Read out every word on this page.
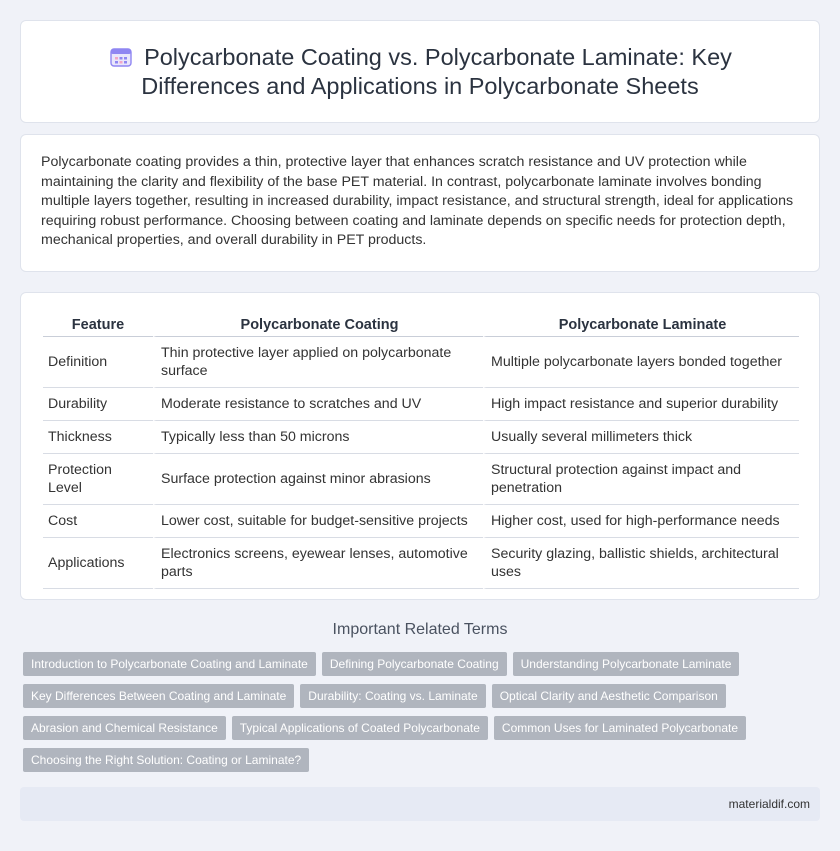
Polycarbonate Coating vs. Polycarbonate Laminate: Key Differences and Applications in Polycarbonate Sheets

Polycarbonate coating provides a thin, protective layer that enhances scratch resistance and UV protection while maintaining the clarity and flexibility of the base PET material. In contrast, polycarbonate laminate involves bonding multiple layers together, resulting in increased durability, impact resistance, and structural strength, ideal for applications requiring robust performance. Choosing between coating and laminate depends on specific needs for protection depth, mechanical properties, and overall durability in PET products.

Feature	Polycarbonate Coating	Polycarbonate Laminate
Definition	Thin protective layer applied on polycarbonate surface	Multiple polycarbonate layers bonded together
Durability	Moderate resistance to scratches and UV	High impact resistance and superior durability
Thickness	Typically less than 50 microns	Usually several millimeters thick
Protection Level	Surface protection against minor abrasions	Structural protection against impact and penetration
Cost	Lower cost, suitable for budget-sensitive projects	Higher cost, used for high-performance needs
Applications	Electronics screens, eyewear lenses, automotive parts	Security glazing, ballistic shields, architectural uses
Important Related Terms
Introduction to Polycarbonate Coating and Laminate	Defining Polycarbonate Coating	Understanding Polycarbonate Laminate
Key Differences Between Coating and Laminate	Durability: Coating vs. Laminate	Optical Clarity and Aesthetic Comparison
Abrasion and Chemical Resistance	Typical Applications of Coated Polycarbonate	Common Uses for Laminated Polycarbonate
Choosing the Right Solution: Coating or Laminate?
materialdif.com
